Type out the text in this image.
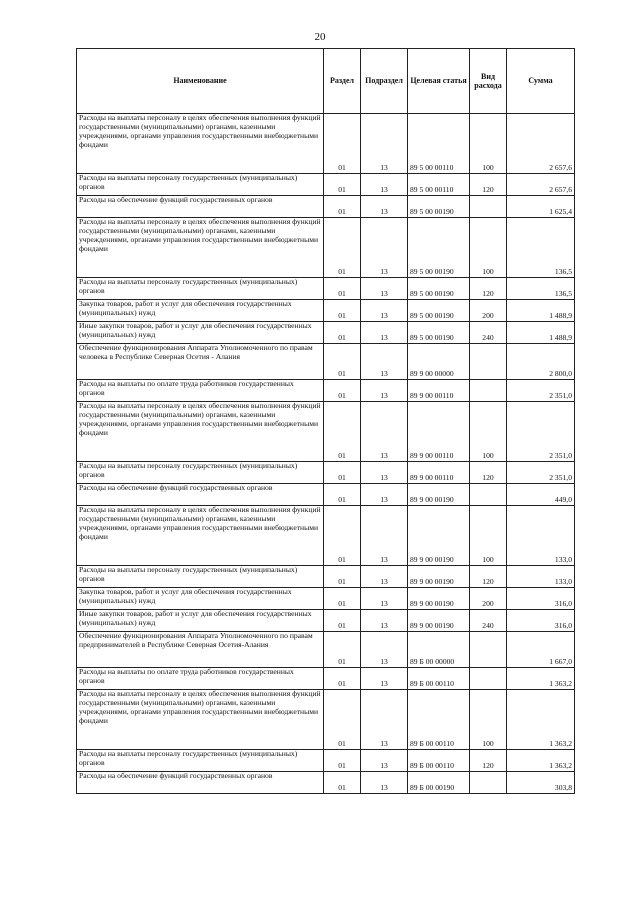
20
Наименование	Раздел	Подраздел	Целевая статья	Вид расхода	Сумма
Расходы на выплаты персоналу в целях обеспечения выполнения функций государственными (муниципальными) органами, казенными учреждениями, органами управления государственными внебюджетными фондами	01	13	89 5 00 00110	100	2 657,6
Расходы на выплаты персоналу государственных (муниципальных) органов	01	13	89 5 00 00110	120	2 657,6
Расходы на обеспечение функций государственных органов	01	13	89 5 00 00190		1 625,4
Расходы на выплаты персоналу в целях обеспечения выполнения функций государственными (муниципальными) органами, казенными учреждениями, органами управления государственными внебюджетными фондами	01	13	89 5 00 00190	100	136,5
Расходы на выплаты персоналу государственных (муниципальных) органов	01	13	89 5 00 00190	120	136,5
Закупка товаров, работ и услуг для обеспечения государственных (муниципальных) нужд	01	13	89 5 00 00190	200	1 488,9
Иные закупки товаров, работ и услуг для обеспечения государственных (муниципальных) нужд	01	13	89 5 00 00190	240	1 488,9
Обеспечение функционирования Аппарата Уполномоченного по правам человека в Республике Северная Осетия - Алания	01	13	89 9 00 00000		2 800,0
Расходы на выплаты по оплате труда работников государственных органов	01	13	89 9 00 00110		2 351,0
Расходы на выплаты персоналу в целях обеспечения выполнения функций государственными (муниципальными) органами, казенными учреждениями, органами управления государственными внебюджетными фондами	01	13	89 9 00 00110	100	2 351,0
Расходы на выплаты персоналу государственных (муниципальных) органов	01	13	89 9 00 00110	120	2 351,0
Расходы на обеспечение функций государственных органов	01	13	89 9 00 00190		449,0
Расходы на выплаты персоналу в целях обеспечения выполнения функций государственными (муниципальными) органами, казенными учреждениями, органами управления государственными внебюджетными фондами	01	13	89 9 00 00190	100	133,0
Расходы на выплаты персоналу государственных (муниципальных) органов	01	13	89 9 00 00190	120	133,0
Закупка товаров, работ и услуг для обеспечения государственных (муниципальных) нужд	01	13	89 9 00 00190	200	316,0
Иные закупки товаров, работ и услуг для обеспечения государственных (муниципальных) нужд	01	13	89 9 00 00190	240	316,0
Обеспечение функционирования Аппарата Уполномоченного по правам предпринимателей в Республике Северная Осетия-Алания	01	13	89 Б 00 00000		1 667,0
Расходы на выплаты по оплате труда работников государственных органов	01	13	89 Б 00 00110		1 363,2
Расходы на выплаты персоналу в целях обеспечения выполнения функций государственными (муниципальными) органами, казенными учреждениями, органами управления государственными внебюджетными фондами	01	13	89 Б 00 00110	100	1 363,2
Расходы на выплаты персоналу государственных (муниципальных) органов	01	13	89 Б 00 00110	120	1 363,2
Расходы на обеспечение функций государственных органов	01	13	89 Б 00 00190		303,8
